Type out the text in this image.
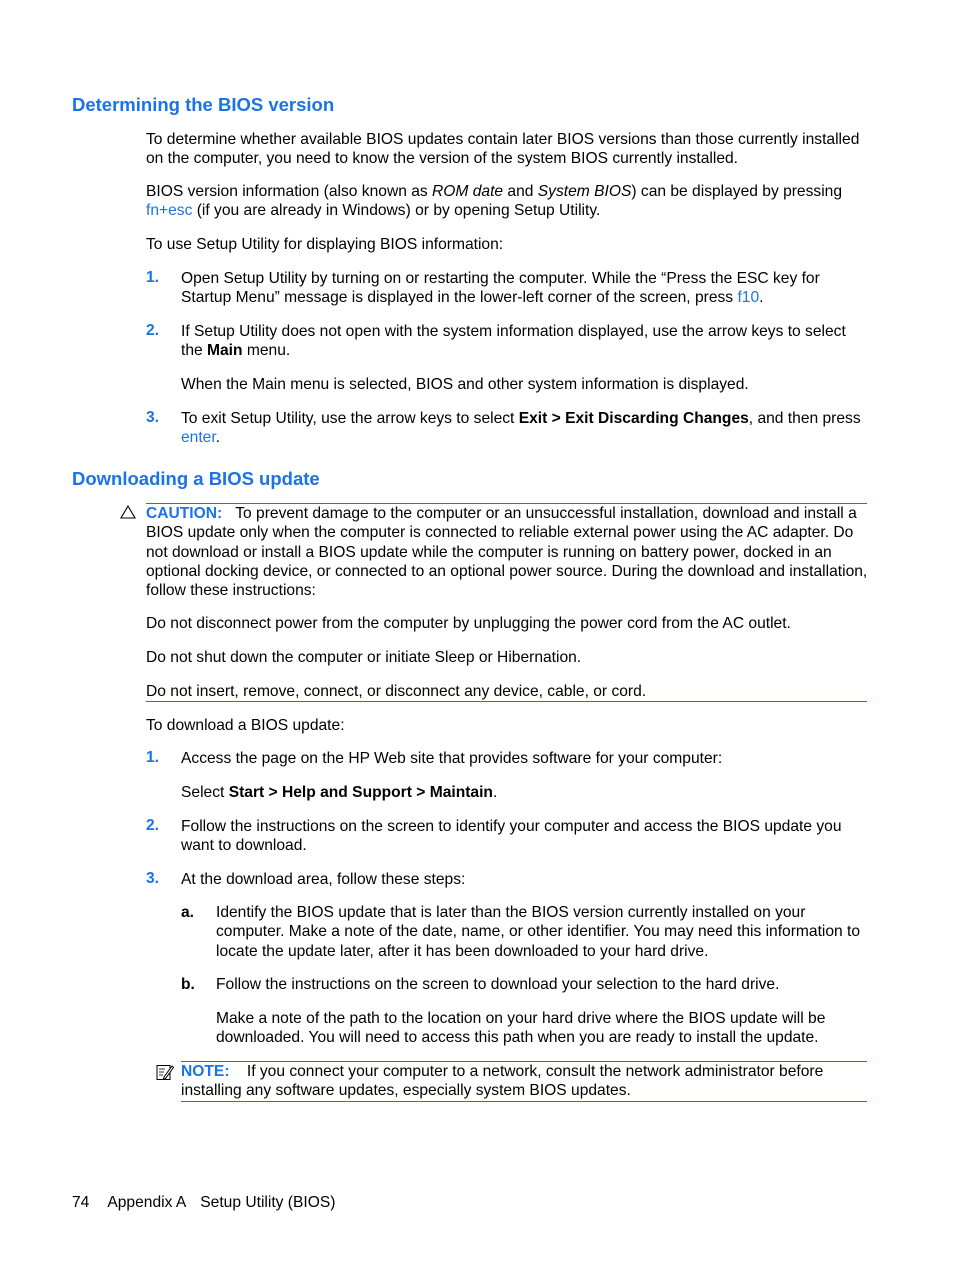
Determining the BIOS version
To determine whether available BIOS updates contain later BIOS versions than those currently installed on the computer, you need to know the version of the system BIOS currently installed.
BIOS version information (also known as ROM date and System BIOS) can be displayed by pressing
fn+esc (if you are already in Windows) or by opening Setup Utility.
To use Setup Utility for displaying BIOS information:
1. Open Setup Utility by turning on or restarting the computer. While the “Press the ESC key for Startup Menu” message is displayed in the lower-left corner of the screen, press f10.
2. If Setup Utility does not open with the system information displayed, use the arrow keys to select the Main menu.
When the Main menu is selected, BIOS and other system information is displayed.
3. To exit Setup Utility, use the arrow keys to select Exit > Exit Discarding Changes, and then press
enter.
Downloading a BIOS update
CAUTION: To prevent damage to the computer or an unsuccessful installation, download and install a BIOS update only when the computer is connected to reliable external power using the AC adapter. Do not download or install a BIOS update while the computer is running on battery power, docked in an optional docking device, or connected to an optional power source. During the download and installation, follow these instructions:
Do not disconnect power from the computer by unplugging the power cord from the AC outlet.
Do not shut down the computer or initiate Sleep or Hibernation.
Do not insert, remove, connect, or disconnect any device, cable, or cord.
To download a BIOS update:
1. Access the page on the HP Web site that provides software for your computer:
Select Start > Help and Support > Maintain.
2. Follow the instructions on the screen to identify your computer and access the BIOS update you want to download.
3. At the download area, follow these steps:
a. Identify the BIOS update that is later than the BIOS version currently installed on your computer. Make a note of the date, name, or other identifier. You may need this information to locate the update later, after it has been downloaded to your hard drive.
b. Follow the instructions on the screen to download your selection to the hard drive.
Make a note of the path to the location on your hard drive where the BIOS update will be downloaded. You will need to access this path when you are ready to install the update.
NOTE: If you connect your computer to a network, consult the network administrator before installing any software updates, especially system BIOS updates.
74 Appendix A Setup Utility (BIOS)
